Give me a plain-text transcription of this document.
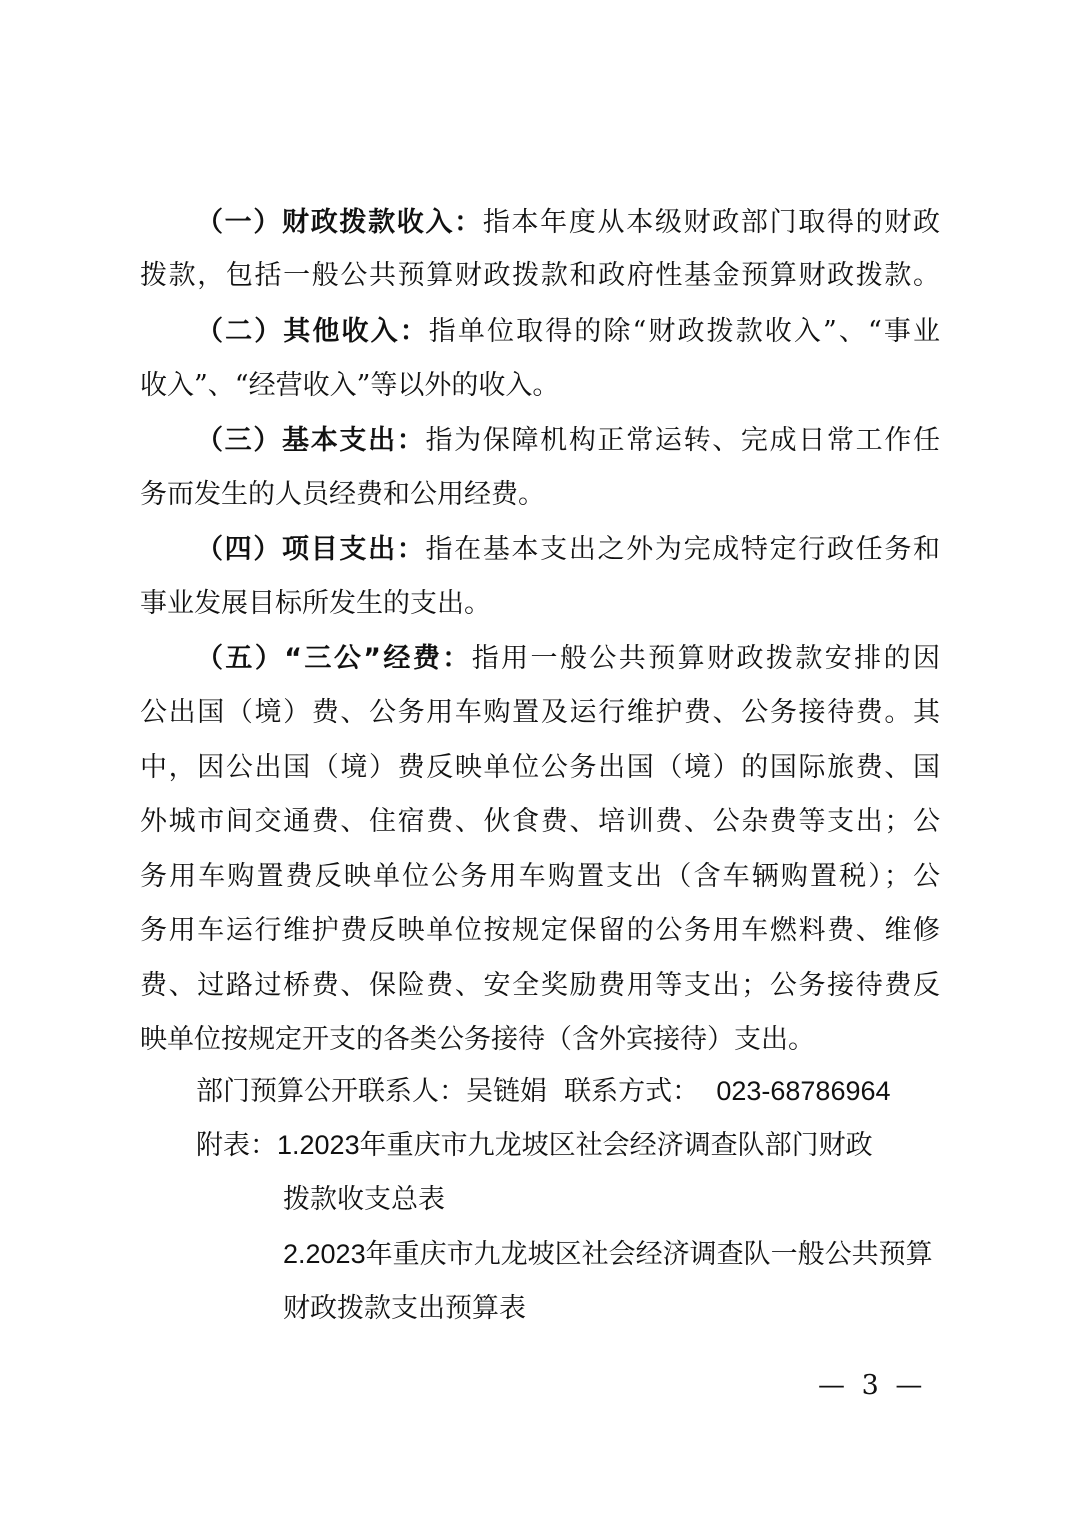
（一）财政拨款收入：指本年度从本级财政部门取得的财政
拨款，包括一般公共预算财政拨款和政府性基金预算财政拨款。
（二）其他收入：指单位取得的除“财政拨款收入”、“事业
收入”、“经营收入”等以外的收入。
（三）基本支出：指为保障机构正常运转、完成日常工作任
务而发生的人员经费和公用经费。
（四）项目支出：指在基本支出之外为完成特定行政任务和
事业发展目标所发生的支出。
（五）“三公”经费：指用一般公共预算财政拨款安排的因
公出国（境）费、公务用车购置及运行维护费、公务接待费。其
中，因公出国（境）费反映单位公务出国（境）的国际旅费、国
外城市间交通费、住宿费、伙食费、培训费、公杂费等支出；公
务用车购置费反映单位公务用车购置支出（含车辆购置税）；公
务用车运行维护费反映单位按规定保留的公务用车燃料费、维修
费、过路过桥费、保险费、安全奖励费用等支出；公务接待费反
映单位按规定开支的各类公务接待（含外宾接待）支出。
部门预算公开联系人：吴链娟 联系方式： 023-68786964
附表：1.2023年重庆市九龙坡区社会经济调查队部门财政
拨款收支总表
2.2023年重庆市九龙坡区社会经济调查队一般公共预算
财政拨款支出预算表
— 3 —
